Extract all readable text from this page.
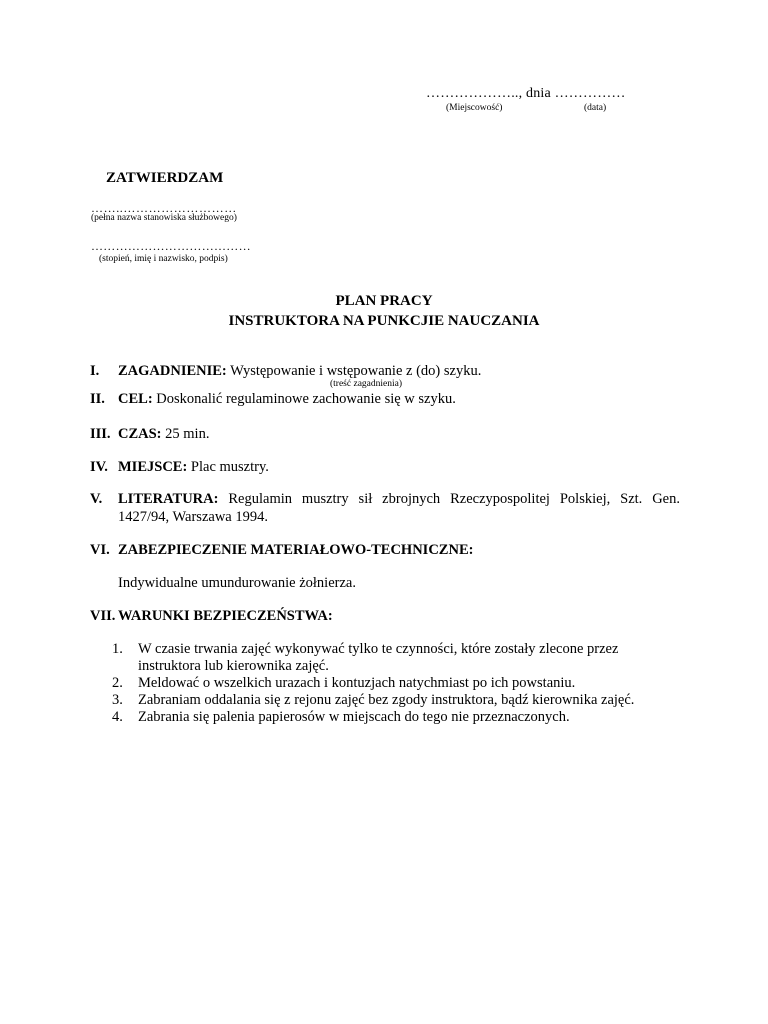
……………….., dnia ……………
(Miejscowość)	(data)
ZATWIERDZAM
……..………………………
(pełna nazwa stanowiska służbowego)
…………………………………
(stopień, imię i nazwisko, podpis)
PLAN PRACY
INSTRUKTORA NA PUNKCJIE NAUCZANIA
I. ZAGADNIENIE: Występowanie i wstępowanie z (do) szyku.
(treść zagadnienia)
II. CEL: Doskonalić regulaminowe zachowanie się w szyku.
III. CZAS: 25 min.
IV. MIEJSCE: Plac musztry.
V. LITERATURA: Regulamin musztry sił zbrojnych Rzeczypospolitej Polskiej, Szt. Gen. 1427/94, Warszawa 1994.
VI. ZABEZPIECZENIE MATERIAŁOWO-TECHNICZNE:
Indywidualne umundurowanie żołnierza.
VII. WARUNKI BEZPIECZEŃSTWA:
1. W czasie trwania zajęć wykonywać tylko te czynności, które zostały zlecone przez instruktora lub kierownika zajęć.
2. Meldować o wszelkich urazach i kontuzjach natychmiast po ich powstaniu.
3. Zabraniam oddalania się z rejonu zajęć bez zgody instruktora, bądź kierownika zajęć.
4. Zabrania się palenia papierosów w miejscach do tego nie przeznaczonych.
